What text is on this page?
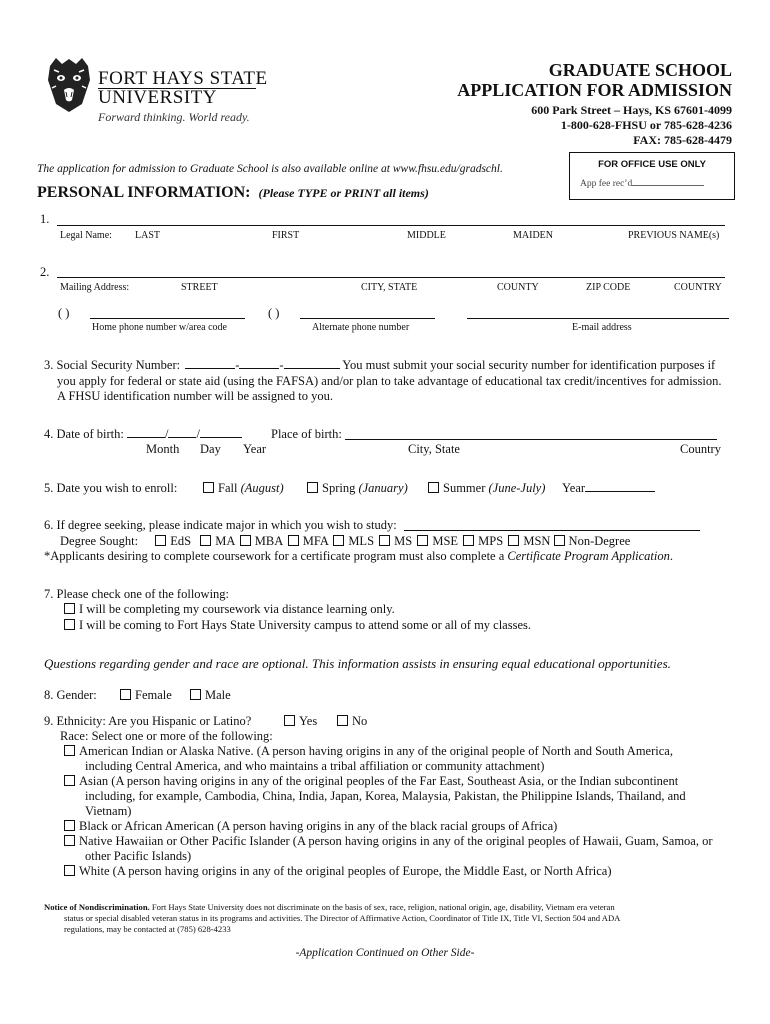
FORT HAYS STATE
UNIVERSITY
Forward thinking. World ready.
GRADUATE SCHOOL
APPLICATION FOR ADMISSION
600 Park Street – Hays, KS 67601-4099
1-800-628-FHSU or 785-628-4236
FAX: 785-628-4479
FOR OFFICE USE ONLY
App fee rec’d
The application for admission to Graduate School is also available online at www.fhsu.edu/gradschl.
PERSONAL INFORMATION: (Please TYPE or PRINT all items)
1.
Legal Name: LAST	FIRST	MIDDLE	MAIDEN	PREVIOUS NAME(s)
2.
Mailing Address:	STREET	CITY, STATE	COUNTY	ZIP CODE	COUNTRY
( )	( )
Home phone number w/area code	Alternate phone number	E-mail address
3. Social Security Number:	-	-	You must submit your social security number for identification purposes if
you apply for federal or state aid (using the FAFSA) and/or plan to take advantage of educational tax credit/incentives for admission.
A FHSU identification number will be assigned to you.
4. Date of birth:	/ /	Place of birth:
Month Day Year	City, State	Country
5. Date you wish to enroll:	Fall (August)	Spring (January)	Summer (June-July) Year
6. If degree seeking, please indicate major in which you wish to study:
Degree Sought:	EdS MA MBA MFA MLS MS MSE MPS MSN Non-Degree
*Applicants desiring to complete coursework for a certificate program must also complete a Certificate Program Application.
7. Please check one of the following:
I will be completing my coursework via distance learning only.
I will be coming to Fort Hays State University campus to attend some or all of my classes.
Questions regarding gender and race are optional. This information assists in ensuring equal educational opportunities.
8. Gender:	Female	Male
9. Ethnicity: Are you Hispanic or Latino?	Yes	No
Race: Select one or more of the following:
American Indian or Alaska Native. (A person having origins in any of the original people of North and South America,
including Central America, and who maintains a tribal affiliation or community attachment)
Asian (A person having origins in any of the original peoples of the Far East, Southeast Asia, or the Indian subcontinent
including, for example, Cambodia, China, India, Japan, Korea, Malaysia, Pakistan, the Philippine Islands, Thailand, and
Vietnam)
Black or African American (A person having origins in any of the black racial groups of Africa)
Native Hawaiian or Other Pacific Islander (A person having origins in any of the original peoples of Hawaii, Guam, Samoa, or
other Pacific Islands)
White (A person having origins in any of the original peoples of Europe, the Middle East, or North Africa)
Notice of Nondiscrimination. Fort Hays State University does not discriminate on the basis of sex, race, religion, national origin, age, disability, Vietnam era veteran
status or special disabled veteran status in its programs and activities. The Director of Affirmative Action, Coordinator of Title IX, Title VI, Section 504 and ADA
regulations, may be contacted at (785) 628-4233
-Application Continued on Other Side-
